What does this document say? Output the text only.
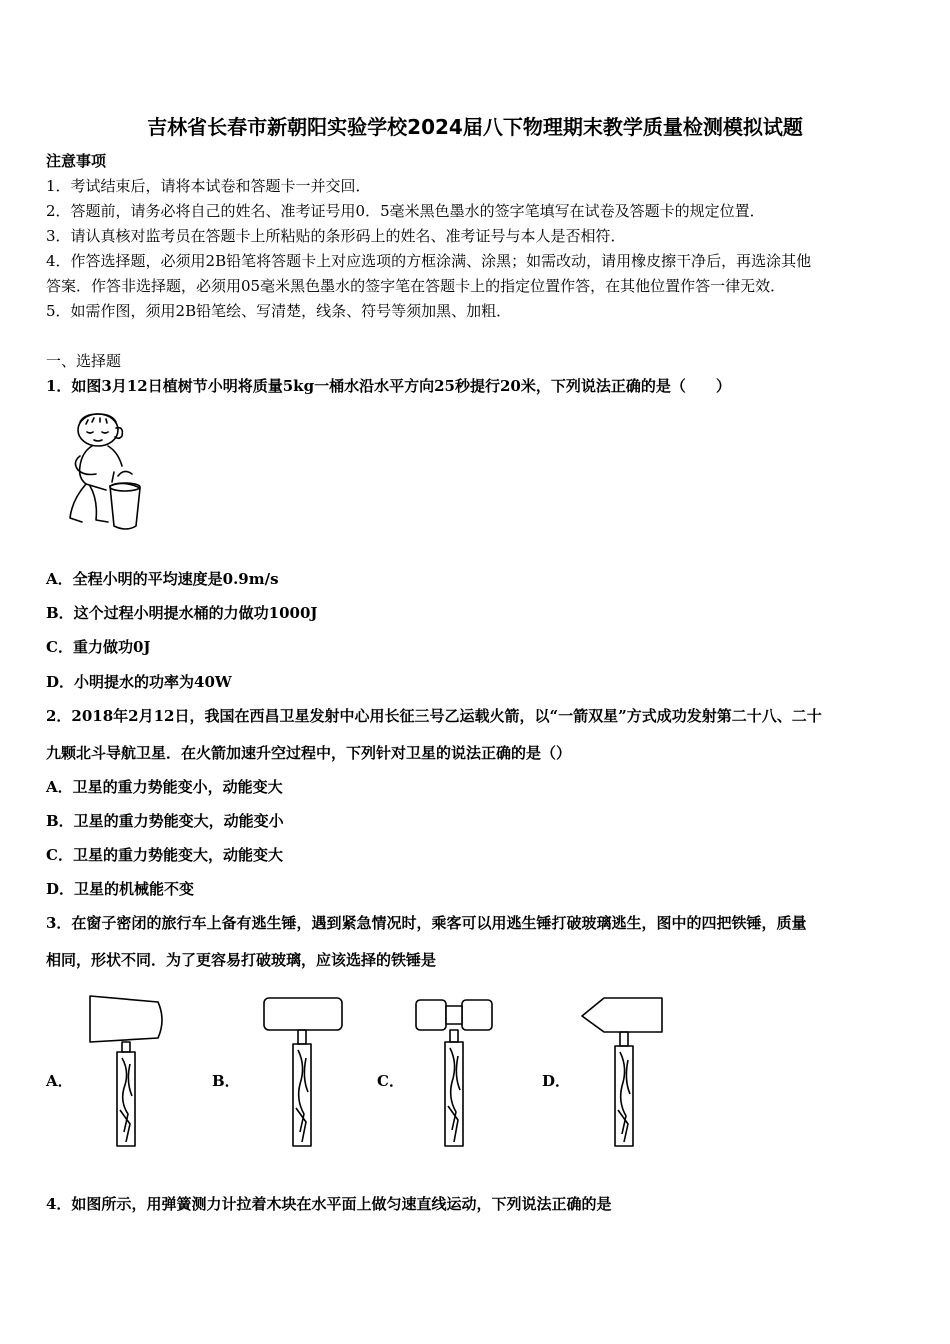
吉林省长春市新朝阳实验学校2024届八下物理期末教学质量检测模拟试题
注意事项
1．考试结束后，请将本试卷和答题卡一并交回．
2．答题前，请务必将自己的姓名、准考证号用0．5毫米黑色墨水的签字笔填写在试卷及答题卡的规定位置．
3．请认真核对监考员在答题卡上所粘贴的条形码上的姓名、准考证号与本人是否相符．
4．作答选择题，必须用2B铅笔将答题卡上对应选项的方框涂满、涂黑；如需改动，请用橡皮擦干净后，再选涂其他
答案．作答非选择题，必须用05毫米黑色墨水的签字笔在答题卡上的指定位置作答，在其他位置作答一律无效．
5．如需作图，须用2B铅笔绘、写清楚，线条、符号等须加黑、加粗．
一、选择题
1．如图3月12日植树节小明将质量5kg一桶水沿水平方向25秒提行20米，下列说法正确的是（　　）
A．全程小明的平均速度是0.9m/s
B．这个过程小明提水桶的力做功1000J
C．重力做功0J
D．小明提水的功率为40W
2．2018年2月12日，我国在西昌卫星发射中心用长征三号乙运载火箭，以“一箭双星”方式成功发射第二十八、二十
九颗北斗导航卫星．在火箭加速升空过程中，下列针对卫星的说法正确的是（）
A．卫星的重力势能变小，动能变大
B．卫星的重力势能变大，动能变小
C．卫星的重力势能变大，动能变大
D．卫星的机械能不变
3．在窗子密闭的旅行车上备有逃生锤，遇到紧急情况时，乘客可以用逃生锤打破玻璃逃生，图中的四把铁锤，质量
相同，形状不同．为了更容易打破玻璃，应该选择的铁锤是
A．	B．	C．	D．
4．如图所示，用弹簧测力计拉着木块在水平面上做匀速直线运动，下列说法正确的是
